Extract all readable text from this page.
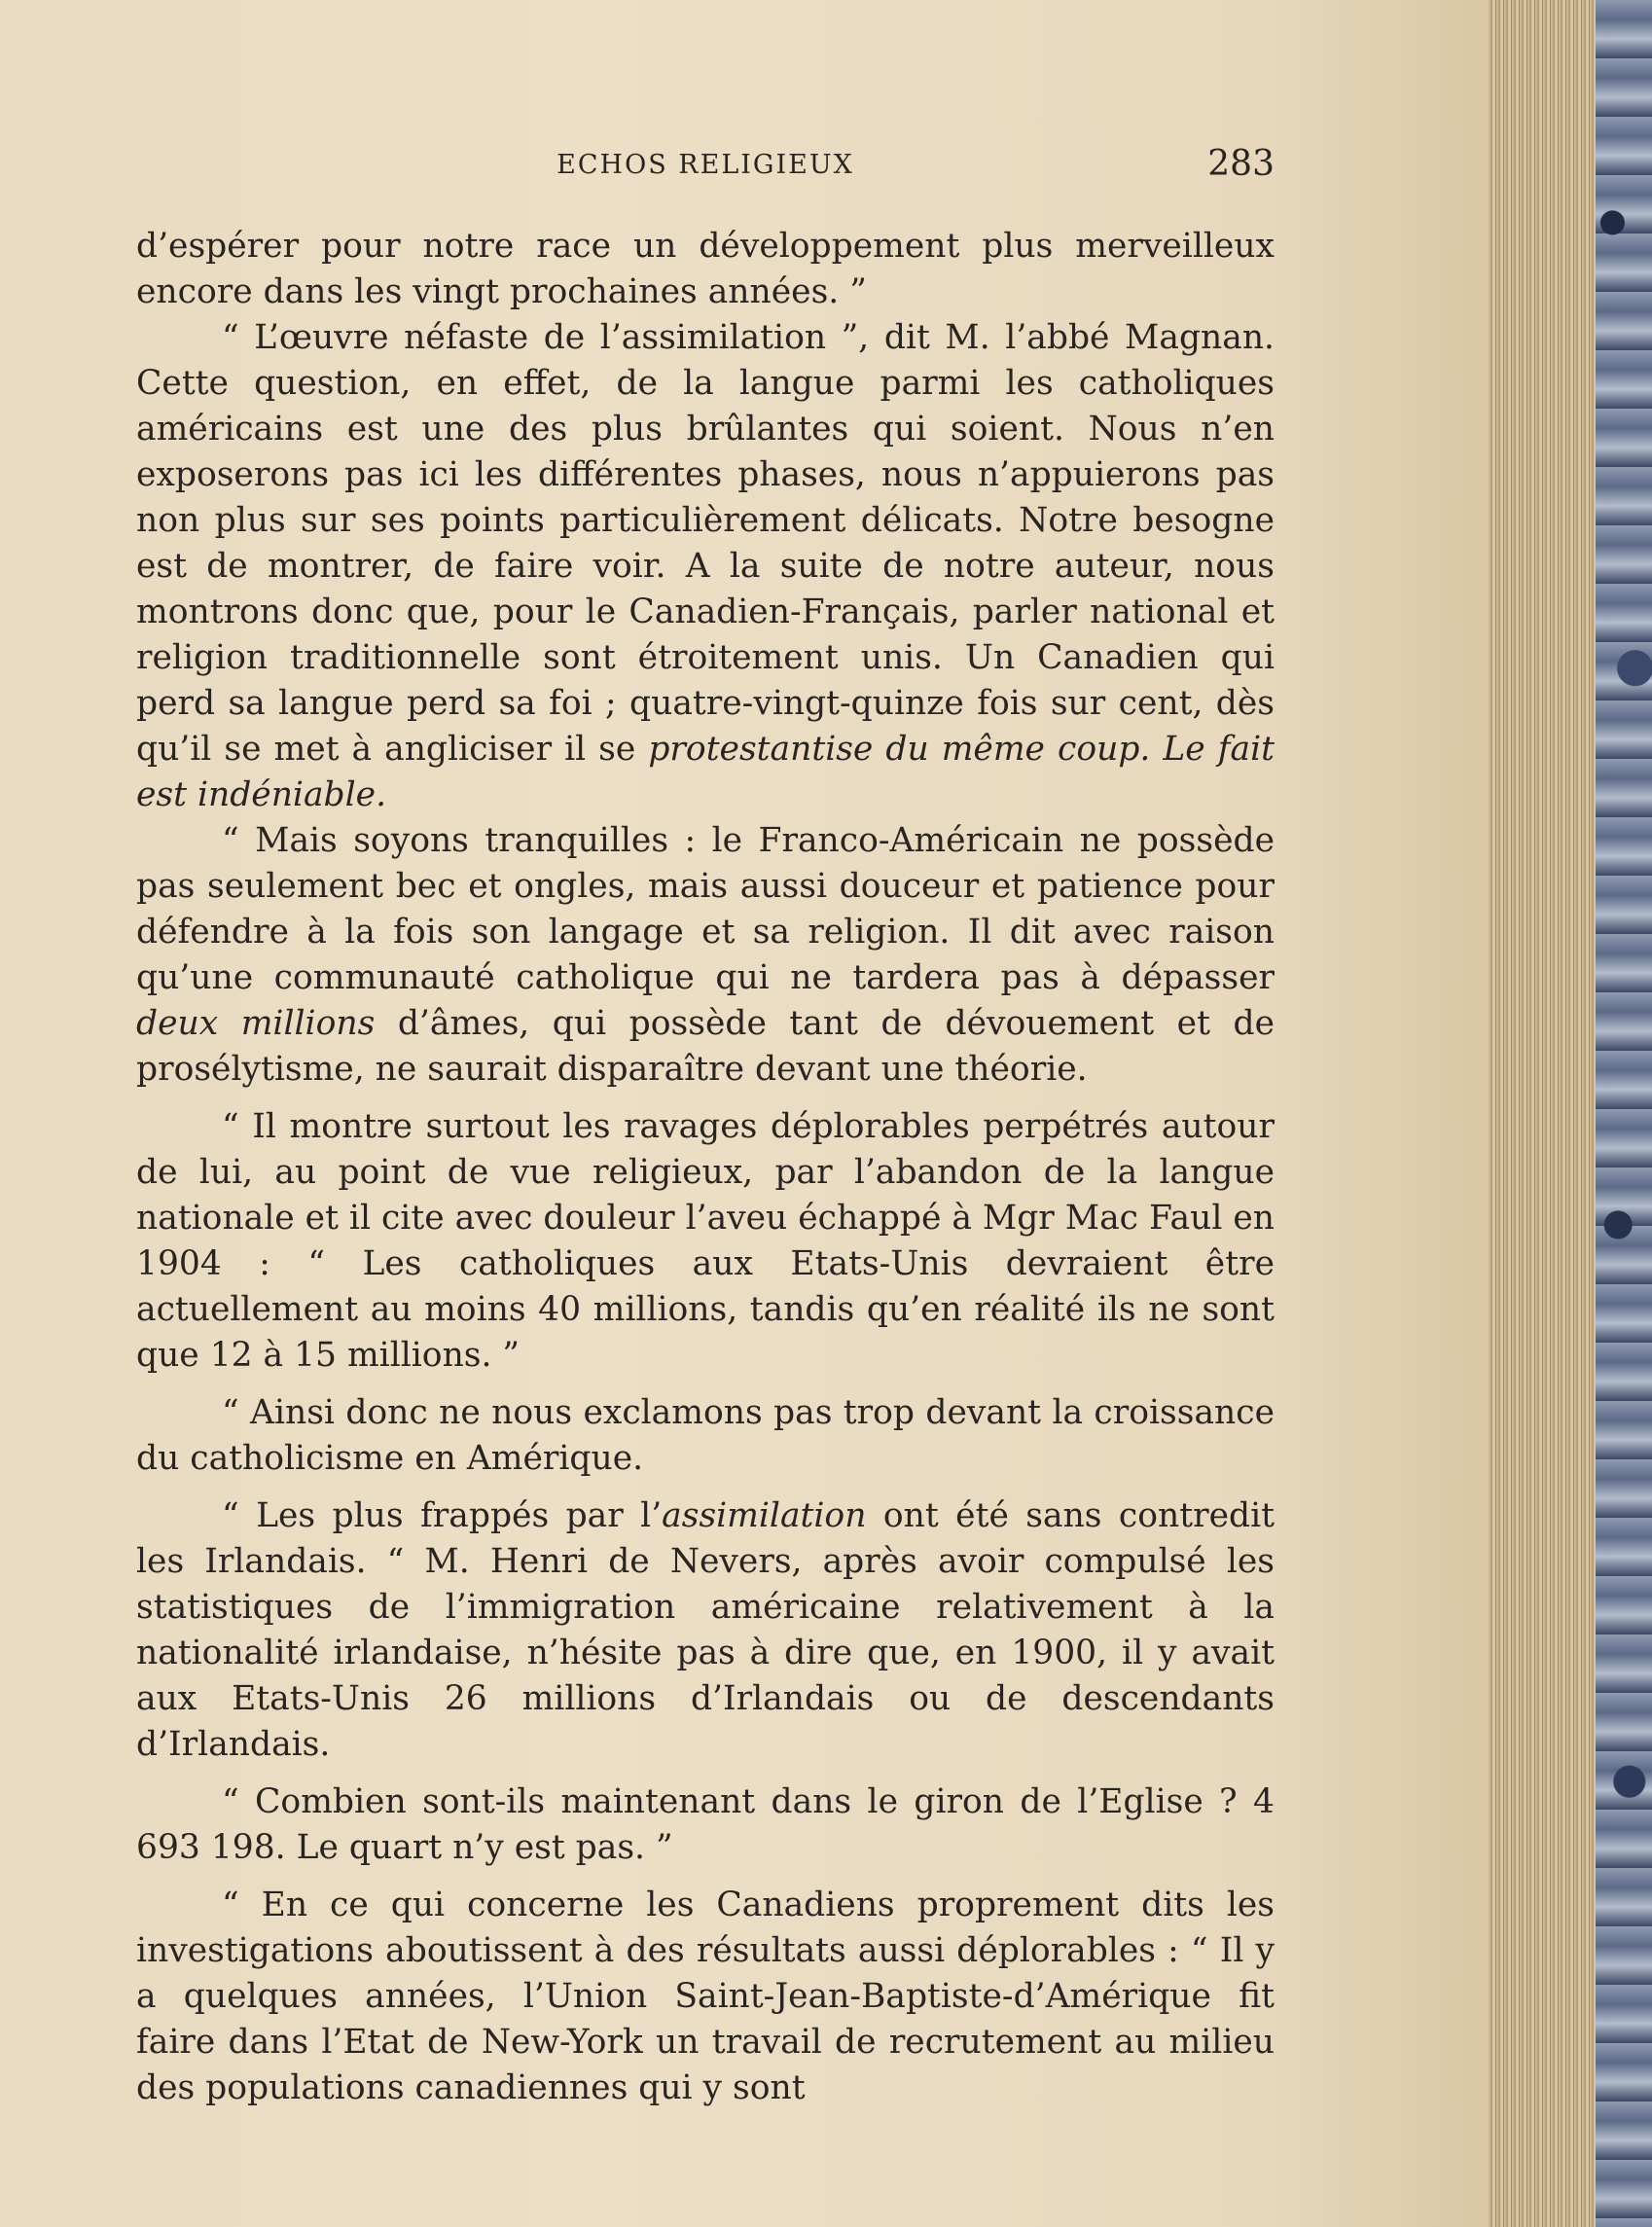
ECHOS RELIGIEUX	283

d’espérer pour notre race un développement plus merveilleux encore dans les vingt prochaines années. ”

“ L’œuvre néfaste de l’assimilation ”, dit M. l’abbé Magnan. Cette question, en effet, de la langue parmi les catholiques américains est une des plus brûlantes qui soient. Nous n’en exposerons pas ici les différentes phases, nous n’appuierons pas non plus sur ses points particulièrement délicats. Notre besogne est de montrer, de faire voir. A la suite de notre auteur, nous montrons donc que, pour le Canadien-Français, parler national et religion traditionnelle sont étroitement unis. Un Canadien qui perd sa langue perd sa foi ; quatre-vingt-quinze fois sur cent, dès qu’il se met à angliciser il se protestantise du même coup. Le fait est indéniable.

“ Mais soyons tranquilles : le Franco-Américain ne possède pas seulement bec et ongles, mais aussi douceur et patience pour défendre à la fois son langage et sa religion. Il dit avec raison qu’une communauté catholique qui ne tardera pas à dépasser deux millions d’âmes, qui possède tant de dévouement et de prosélytisme, ne saurait disparaître devant une théorie.

“ Il montre surtout les ravages déplorables perpétrés autour de lui, au point de vue religieux, par l’abandon de la langue nationale et il cite avec douleur l’aveu échappé à Mgr Mac Faul en 1904 : “ Les catholiques aux Etats-Unis devraient être actuellement au moins 40 millions, tandis qu’en réalité ils ne sont que 12 à 15 millions. ”

“ Ainsi donc ne nous exclamons pas trop devant la croissance du catholicisme en Amérique.

“ Les plus frappés par l’assimilation ont été sans contredit les Irlandais. “ M. Henri de Nevers, après avoir compulsé les statistiques de l’immigration américaine relativement à la nationalité irlandaise, n’hésite pas à dire que, en 1900, il y avait aux Etats-Unis 26 millions d’Irlandais ou de descendants d’Irlandais.

“ Combien sont-ils maintenant dans le giron de l’Eglise ? 4 693 198. Le quart n’y est pas. ”

“ En ce qui concerne les Canadiens proprement dits les investigations aboutissent à des résultats aussi déplorables : “ Il y a quelques années, l’Union Saint-Jean-Baptiste-d’Amérique fit faire dans l’Etat de New-York un travail de recrutement au milieu des populations canadiennes qui y sont
